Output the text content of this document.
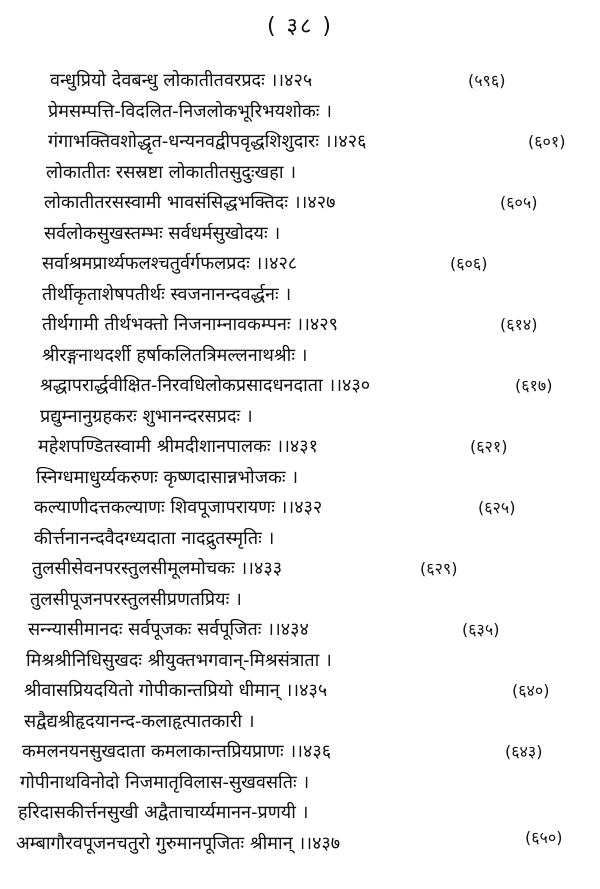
( ३८ )
वन्धुप्रियो देवबन्धु लोकातीतवरप्रदः ।।४२५	(५९६)
प्रेमसम्पत्ति-विदलित-निजलोकभूरिभयशोकः ।
गंगाभक्तिवशोद्धृत-धन्यनवद्वीपवृद्धशिशुदारः ।।४२६	(६०१)
लोकातीतः रसस्रष्टा लोकातीतसुदुःखहा ।
लोकातीतरसस्वामी भावसंसिद्धभक्तिदः ।।४२७	(६०५)
सर्वलोकसुखस्तम्भः सर्वधर्मसुखोदयः ।
सर्वाश्रमप्रार्थ्यफलश्चतुर्वर्गफलप्रदः ।।४२८	(६०६)
तीर्थीकृताशेषपतीर्थः स्वजनानन्दवर्द्धनः ।
तीर्थगामी तीर्थभक्तो निजनाम्नावकम्पनः ।।४२९	(६१४)
श्रीरङ्गनाथदर्शी हर्षाकलितत्रिमल्लनाथश्रीः ।
श्रद्धापरार्द्धवीक्षित-निरवधिलोकप्रसादधनदाता ।।४३०	(६१७)
प्रद्युम्नानुग्रहकरः शुभानन्दरसप्रदः ।
महेशपण्डितस्वामी श्रीमदीशानपालकः ।।४३१	(६२१)
स्निग्धमाधुर्य्यकरुणः कृष्णदासान्नभोजकः ।
कल्याणीदत्तकल्याणः शिवपूजापरायणः ।।४३२	(६२५)
कीर्त्तनानन्दवैदग्ध्यदाता नादद्रुतस्मृतिः ।
तुलसीसेवनपरस्तुलसीमूलमोचकः ।।४३३	(६२९)
तुलसीपूजनपरस्तुलसीप्रणतप्रियः ।
सन्न्यासीमानदः सर्वपूजकः सर्वपूजितः ।।४३४	(६३५)
मिश्रश्रीनिधिसुखदः श्रीयुक्तभगवान्-मिश्रसंत्राता ।
श्रीवासप्रियदयितो गोपीकान्तप्रियो धीमान् ।।४३५	(६४०)
सद्वैद्यश्रीहृदयानन्द-कलाहृत्पातकारी ।
कमलनयनसुखदाता कमलाकान्तप्रियप्राणः ।।४३६	(६४३)
गोपीनाथविनोदो निजमातृविलास-सुखवसतिः ।
हरिदासकीर्त्तनसुखी अद्वैताचार्य्यमानन-प्रणयी ।
अम्बागौरवपूजनचतुरो गुरुमानपूजितः श्रीमान् ।।४३७	(६५०)
